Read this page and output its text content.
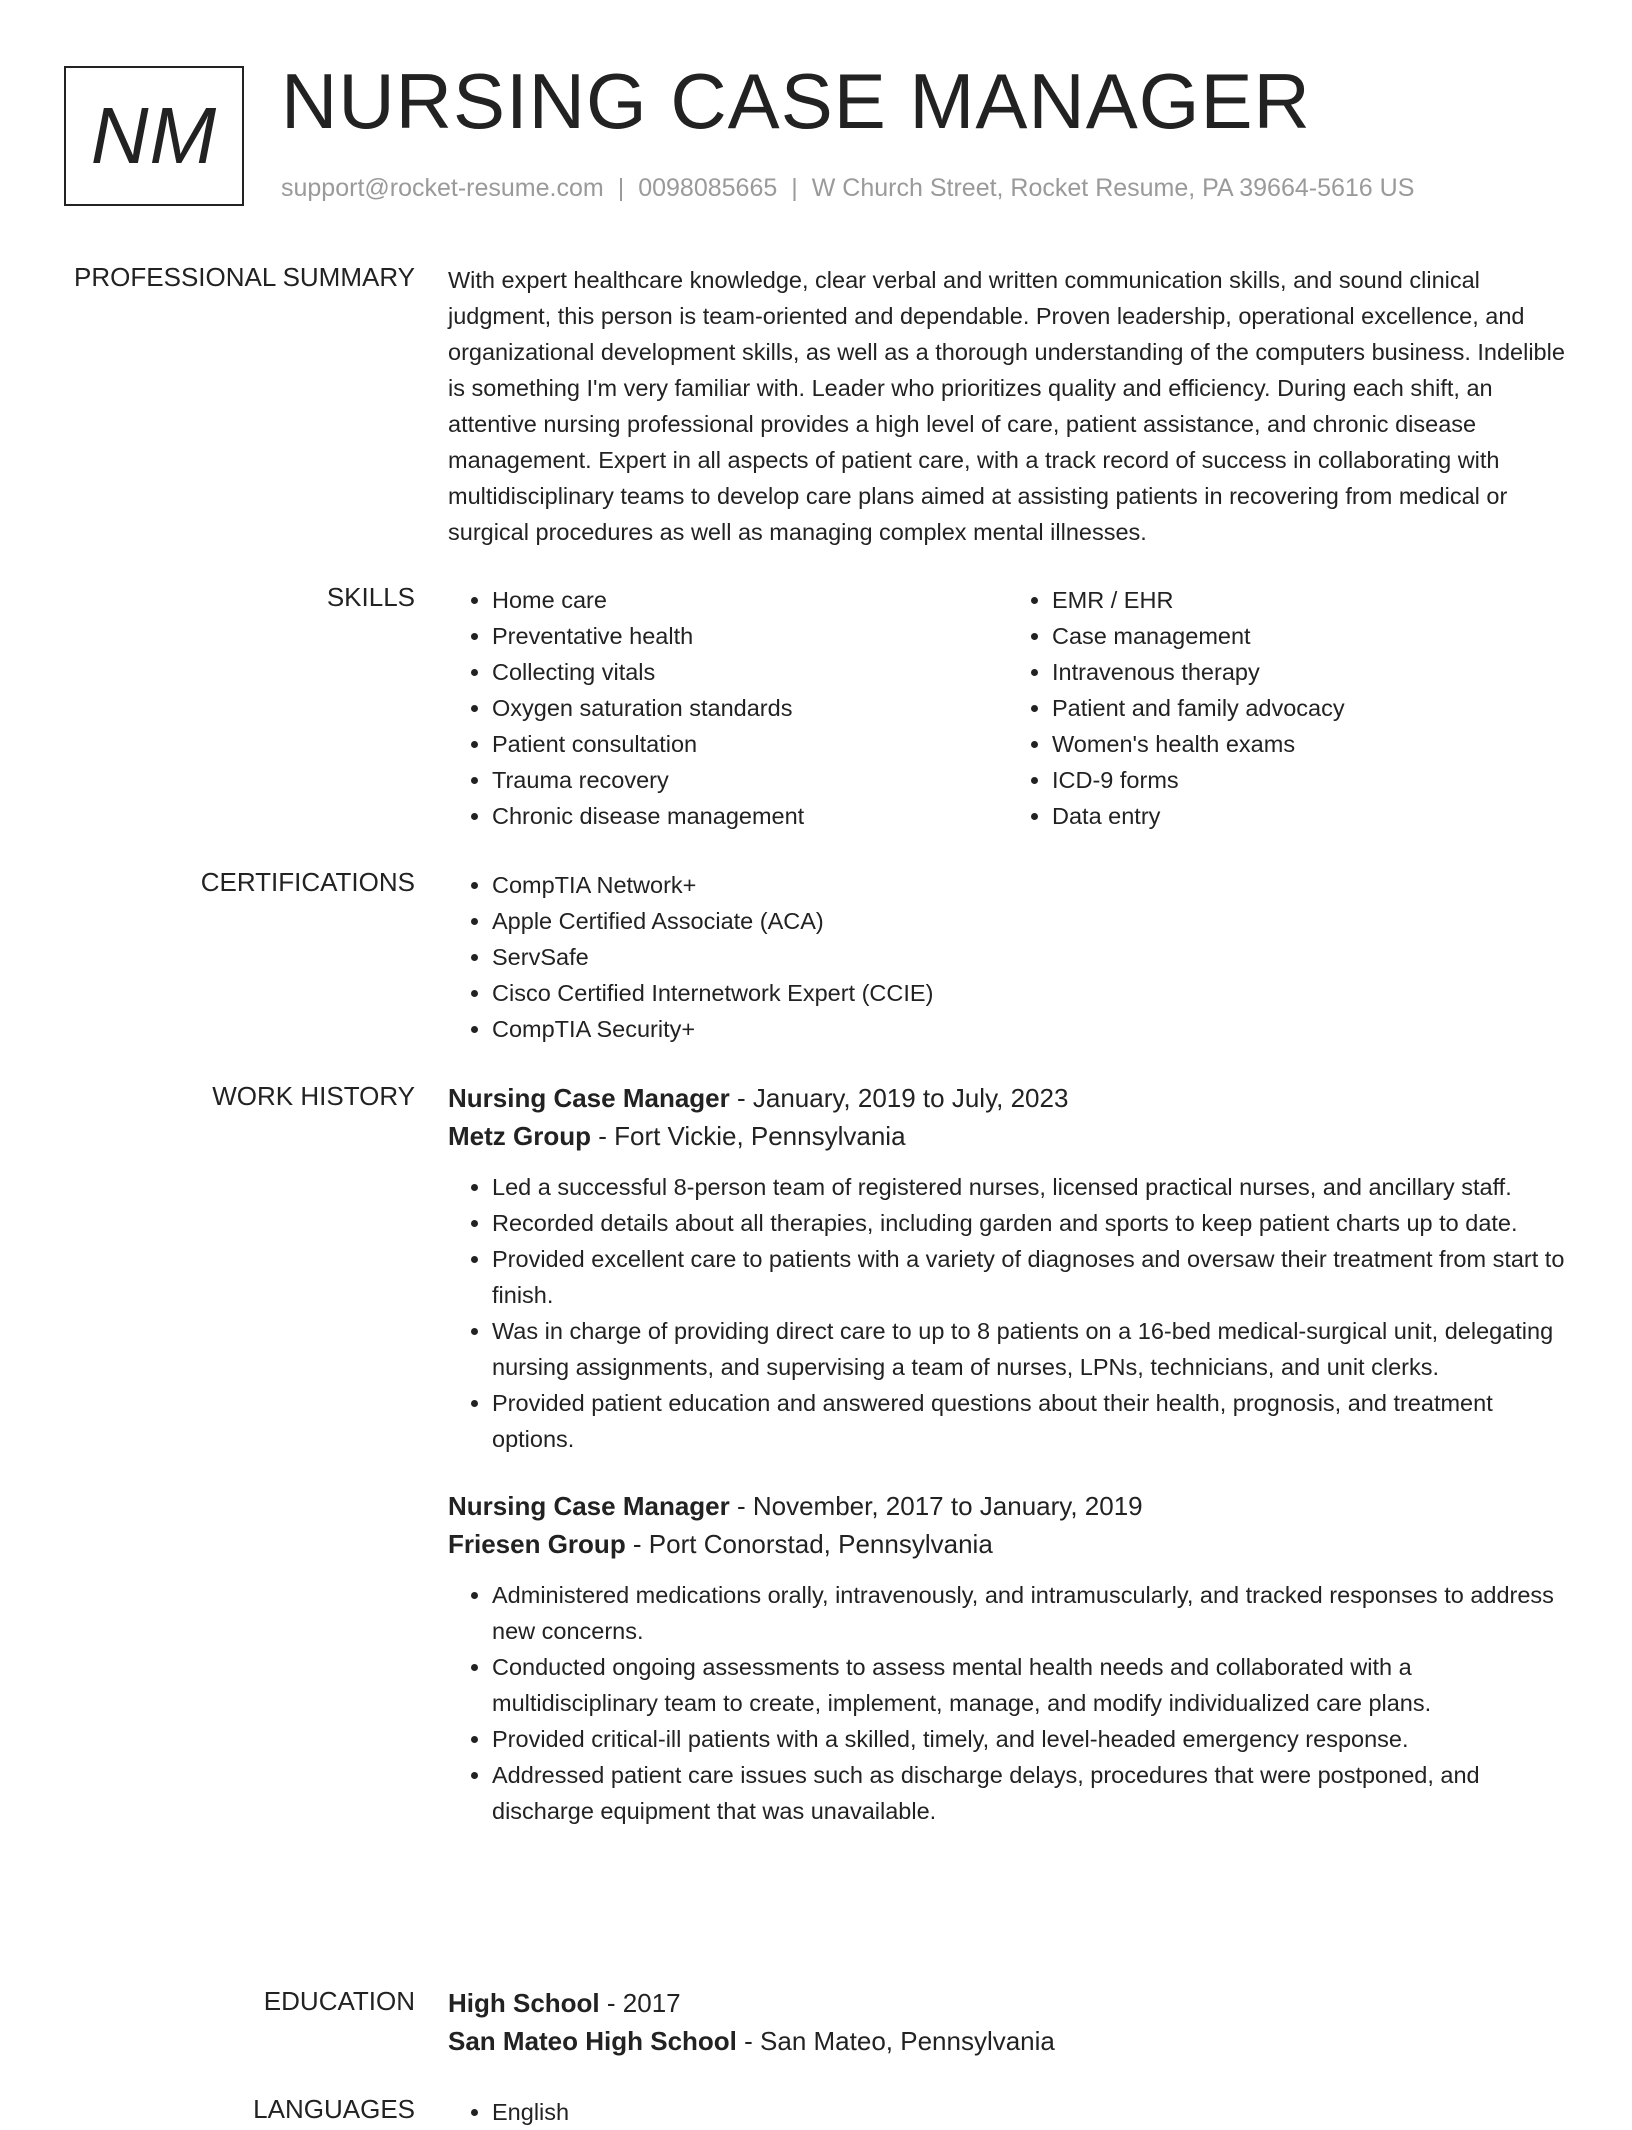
NM NURSING CASE MANAGER
support@rocket-resume.com | 0098085665 | W Church Street, Rocket Resume, PA 39664-5616 US
PROFESSIONAL SUMMARY With expert healthcare knowledge, clear verbal and written communication skills, and sound clinical judgment, this person is team-oriented and dependable. Proven leadership, operational excellence, and organizational development skills, as well as a thorough understanding of the computers business. Indelible is something I'm very familiar with. Leader who prioritizes quality and efficiency. During each shift, an attentive nursing professional provides a high level of care, patient assistance, and chronic disease management. Expert in all aspects of patient care, with a track record of success in collaborating with multidisciplinary teams to develop care plans aimed at assisting patients in recovering from medical or surgical procedures as well as managing complex mental illnesses.
SKILLS	• Home care
• Preventative health
• Collecting vitals
• Oxygen saturation standards
• Patient consultation
• Trauma recovery
• Chronic disease management
• EMR / EHR
• Case management
• Intravenous therapy
• Patient and family advocacy
• Women's health exams
• ICD-9 forms
• Data entry
CERTIFICATIONS	• CompTIA Network+
• Apple Certified Associate (ACA)
• ServSafe
• Cisco Certified Internetwork Expert (CCIE)
• CompTIA Security+
WORK HISTORY Nursing Case Manager - January, 2019 to July, 2023
Metz Group - Fort Vickie, Pennsylvania
• Led a successful 8-person team of registered nurses, licensed practical nurses, and ancillary staff.
• Recorded details about all therapies, including garden and sports to keep patient charts up to date.
• Provided excellent care to patients with a variety of diagnoses and oversaw their treatment from start to finish.
• Was in charge of providing direct care to up to 8 patients on a 16-bed medical-surgical unit, delegating nursing assignments, and supervising a team of nurses, LPNs, technicians, and unit clerks.
• Provided patient education and answered questions about their health, prognosis, and treatment options.
Nursing Case Manager - November, 2017 to January, 2019
Friesen Group - Port Conorstad, Pennsylvania
• Administered medications orally, intravenously, and intramuscularly, and tracked responses to address new concerns.
• Conducted ongoing assessments to assess mental health needs and collaborated with a multidisciplinary team to create, implement, manage, and modify individualized care plans.
• Provided critical-ill patients with a skilled, timely, and level-headed emergency response.
• Addressed patient care issues such as discharge delays, procedures that were postponed, and discharge equipment that was unavailable.
EDUCATION High School - 2017
San Mateo High School - San Mateo, Pennsylvania
LANGUAGES	• English
